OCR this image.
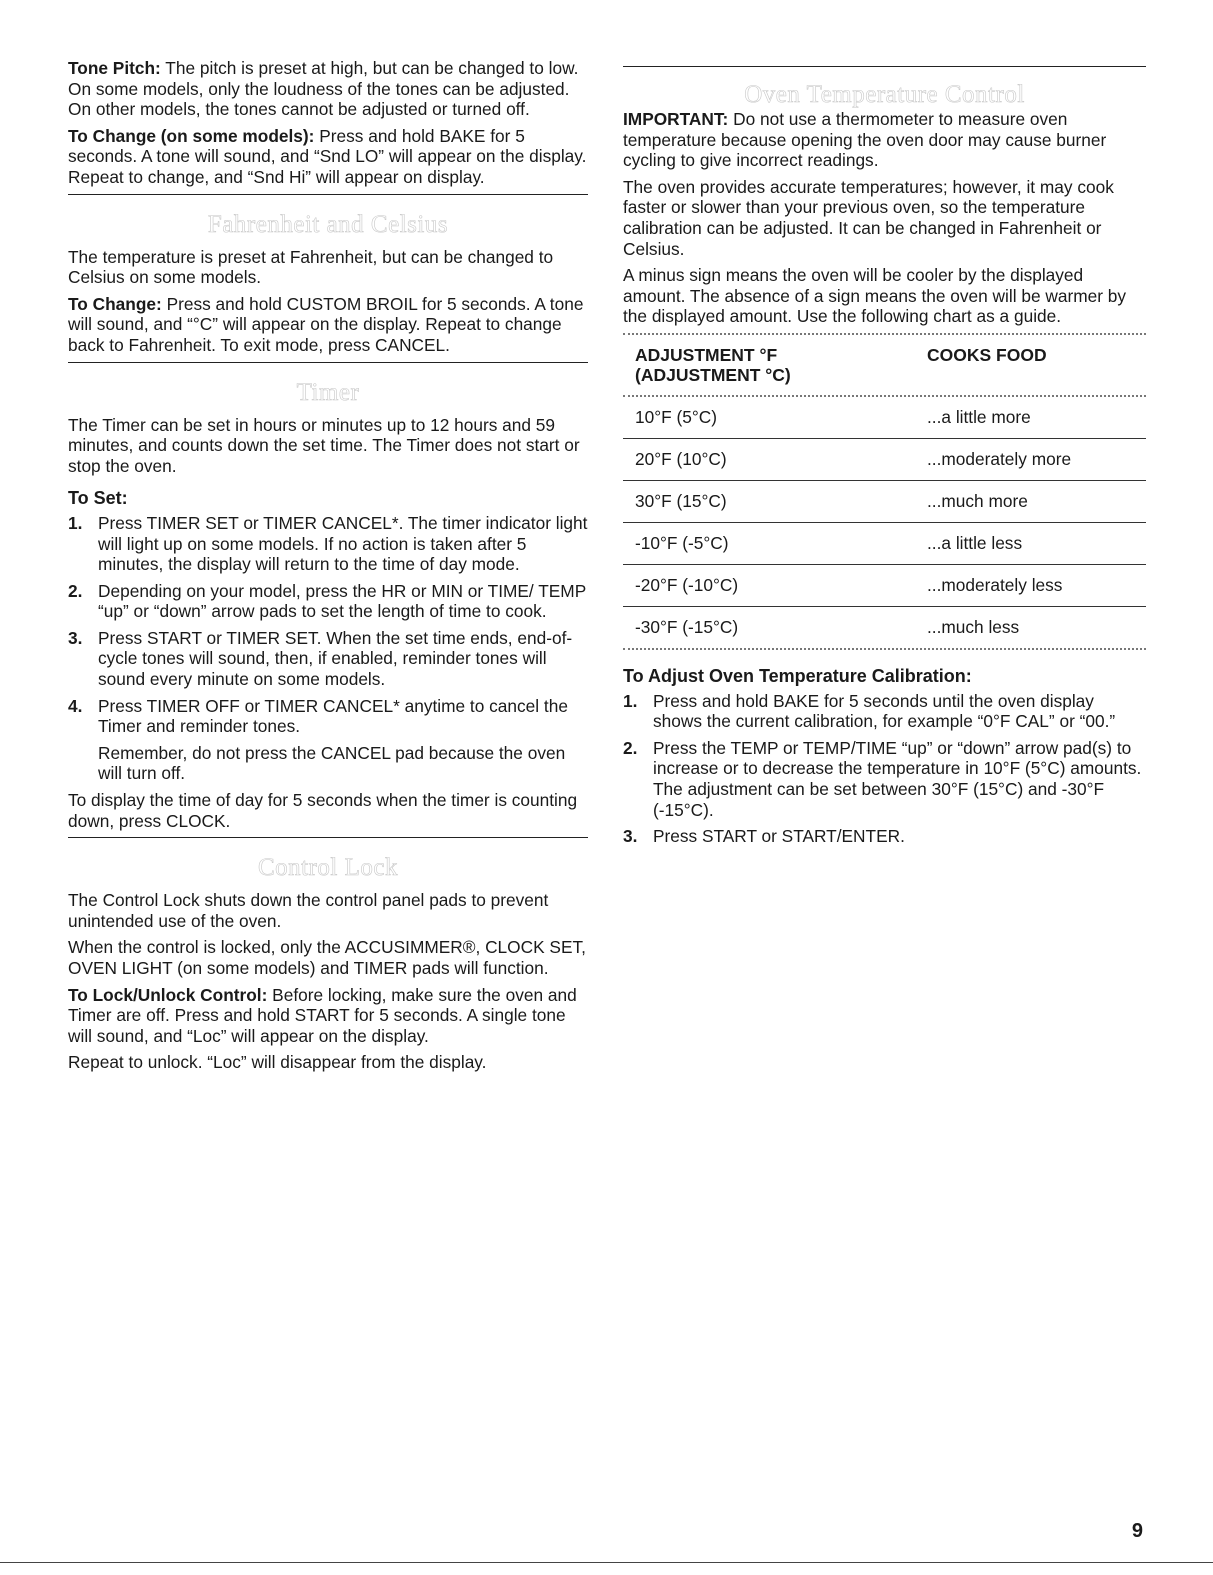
Tone Pitch: The pitch is preset at high, but can be changed to low. On some models, only the loudness of the tones can be adjusted. On other models, the tones cannot be adjusted or turned off.

To Change (on some models): Press and hold BAKE for 5 seconds. A tone will sound, and “Snd LO” will appear on the display. Repeat to change, and “Snd Hi” will appear on display.

Fahrenheit and Celsius

The temperature is preset at Fahrenheit, but can be changed to Celsius on some models.

To Change: Press and hold CUSTOM BROIL for 5 seconds. A tone will sound, and “°C” will appear on the display. Repeat to change back to Fahrenheit. To exit mode, press CANCEL.

Timer

The Timer can be set in hours or minutes up to 12 hours and 59 minutes, and counts down the set time. The Timer does not start or stop the oven.

To Set:
1. Press TIMER SET or TIMER CANCEL*. The timer indicator light will light up on some models. If no action is taken after 5 minutes, the display will return to the time of day mode.
2. Depending on your model, press the HR or MIN or TIME/ TEMP “up” or “down” arrow pads to set the length of time to cook.
3. Press START or TIMER SET. When the set time ends, end-of-cycle tones will sound, then, if enabled, reminder tones will sound every minute on some models.
4. Press TIMER OFF or TIMER CANCEL* anytime to cancel the Timer and reminder tones.

Remember, do not press the CANCEL pad because the oven will turn off.

To display the time of day for 5 seconds when the timer is counting down, press CLOCK.

Control Lock

The Control Lock shuts down the control panel pads to prevent unintended use of the oven.

When the control is locked, only the ACCUSIMMER®, CLOCK SET, OVEN LIGHT (on some models) and TIMER pads will function.

To Lock/Unlock Control: Before locking, make sure the oven and Timer are off. Press and hold START for 5 seconds. A single tone will sound, and “Loc” will appear on the display.

Repeat to unlock. “Loc” will disappear from the display.

Oven Temperature Control

IMPORTANT: Do not use a thermometer to measure oven temperature because opening the oven door may cause burner cycling to give incorrect readings.

The oven provides accurate temperatures; however, it may cook faster or slower than your previous oven, so the temperature calibration can be adjusted. It can be changed in Fahrenheit or Celsius.

A minus sign means the oven will be cooler by the displayed amount. The absence of a sign means the oven will be warmer by the displayed amount. Use the following chart as a guide.

ADJUSTMENT °F
(ADJUSTMENT °C)	COOKS FOOD

10°F (5°C)	...a little more
20°F (10°C)	...moderately more
30°F (15°C)	...much more
-10°F (-5°C)	...a little less
-20°F (-10°C)	...moderately less
-30°F (-15°C)	...much less
To Adjust Oven Temperature Calibration:
1. Press and hold BAKE for 5 seconds until the oven display shows the current calibration, for example “0°F CAL” or “00.”
2. Press the TEMP or TEMP/TIME “up” or “down” arrow pad(s) to increase or to decrease the temperature in 10°F (5°C) amounts. The adjustment can be set between 30°F (15°C) and -30°F (-15°C).
3. Press START or START/ENTER.
9
